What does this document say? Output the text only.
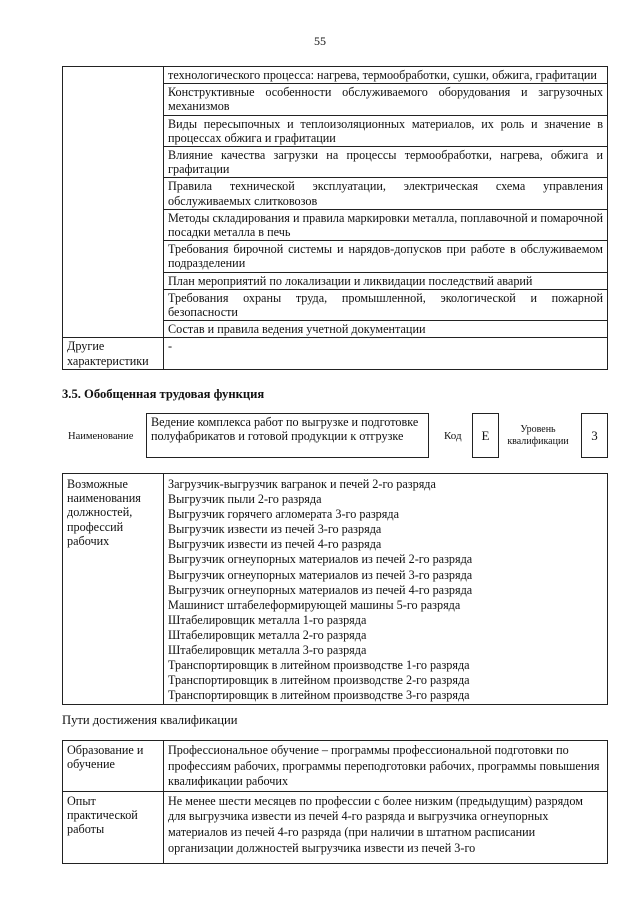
55
	технологического процесса: нагрева, термообработки, сушки, обжига, графитации
	Конструктивные особенности обслуживаемого оборудования и загрузочных механизмов
	Виды пересыпочных и теплоизоляционных материалов, их роль и значение в процессах обжига и графитации
	Влияние качества загрузки на процессы термообработки, нагрева, обжига и графитации
	Правила технической эксплуатации, электрическая схема управления обслуживаемых слитковозов
	Методы складирования и правила маркировки металла, поплавочной и помарочной посадки металла в печь
	Требования бирочной системы и нарядов-допусков при работе в обслуживаемом подразделении
	План мероприятий по локализации и ликвидации последствий аварий
	Требования охраны труда, промышленной, экологической и пожарной безопасности
	Состав и правила ведения учетной документации
Другие характеристики	-
3.5. Обобщенная трудовая функция
Наименование
Ведение комплекса работ по выгрузке и подготовке полуфабрикатов и готовой продукции к отгрузке	Код	Е	Уровень квалификации	3
Возможные наименования должностей, профессий рабочих	
Загрузчик-выгрузчик вагранок и печей 2-го разряда
Выгрузчик пыли 2-го разряда
Выгрузчик горячего агломерата 3-го разряда
Выгрузчик извести из печей 3-го разряда
Выгрузчик извести из печей 4-го разряда
Выгрузчик огнеупорных материалов из печей 2-го разряда
Выгрузчик огнеупорных материалов из печей 3-го разряда
Выгрузчик огнеупорных материалов из печей 4-го разряда
Машинист штабелеформирующей машины 5-го разряда
Штабелировщик металла 1-го разряда
Штабелировщик металла 2-го разряда
Штабелировщик металла 3-го разряда
Транспортировщик в литейном производстве 1-го разряда
Транспортировщик в литейном производстве 2-го разряда
Транспортировщик в литейном производстве 3-го разряда
Пути достижения квалификации
Образование и обучение	Профессиональное обучение – программы профессиональной подготовки по профессиям рабочих, программы переподготовки рабочих, программы повышения квалификации рабочих
Опыт практической работы	Не менее шести месяцев по профессии с более низким (предыдущим) разрядом для выгрузчика извести из печей 4-го разряда и выгрузчика огнеупорных материалов из печей 4-го разряда (при наличии в штатном расписании организации должностей выгрузчика извести из печей 3-го
